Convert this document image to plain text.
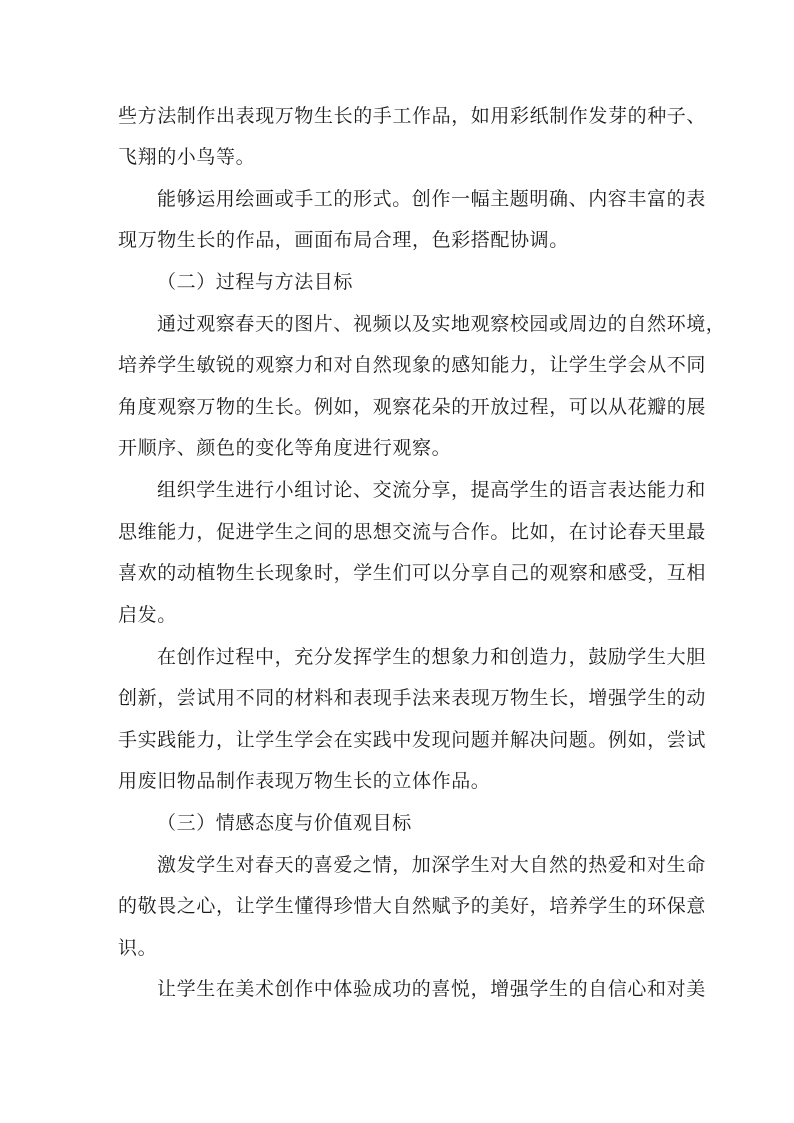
些方法制作出表现万物生长的手工作品，如用彩纸制作发芽的种子、

飞翔的小鸟等。

能够运用绘画或手工的形式。创作一幅主题明确、内容丰富的表

现万物生长的作品，画面布局合理，色彩搭配协调。

（二）过程与方法目标

通过观察春天的图片、视频以及实地观察校园或周边的自然环境，

培养学生敏锐的观察力和对自然现象的感知能力，让学生学会从不同

角度观察万物的生长。例如，观察花朵的开放过程，可以从花瓣的展

开顺序、颜色的变化等角度进行观察。

组织学生进行小组讨论、交流分享，提高学生的语言表达能力和

思维能力，促进学生之间的思想交流与合作。比如，在讨论春天里最

喜欢的动植物生长现象时，学生们可以分享自己的观察和感受，互相

启发。

在创作过程中，充分发挥学生的想象力和创造力，鼓励学生大胆

创新，尝试用不同的材料和表现手法来表现万物生长，增强学生的动

手实践能力，让学生学会在实践中发现问题并解决问题。例如，尝试

用废旧物品制作表现万物生长的立体作品。

（三）情感态度与价值观目标

激发学生对春天的喜爱之情，加深学生对大自然的热爱和对生命

的敬畏之心，让学生懂得珍惜大自然赋予的美好，培养学生的环保意

识。

让学生在美术创作中体验成功的喜悦，增强学生的自信心和对美
